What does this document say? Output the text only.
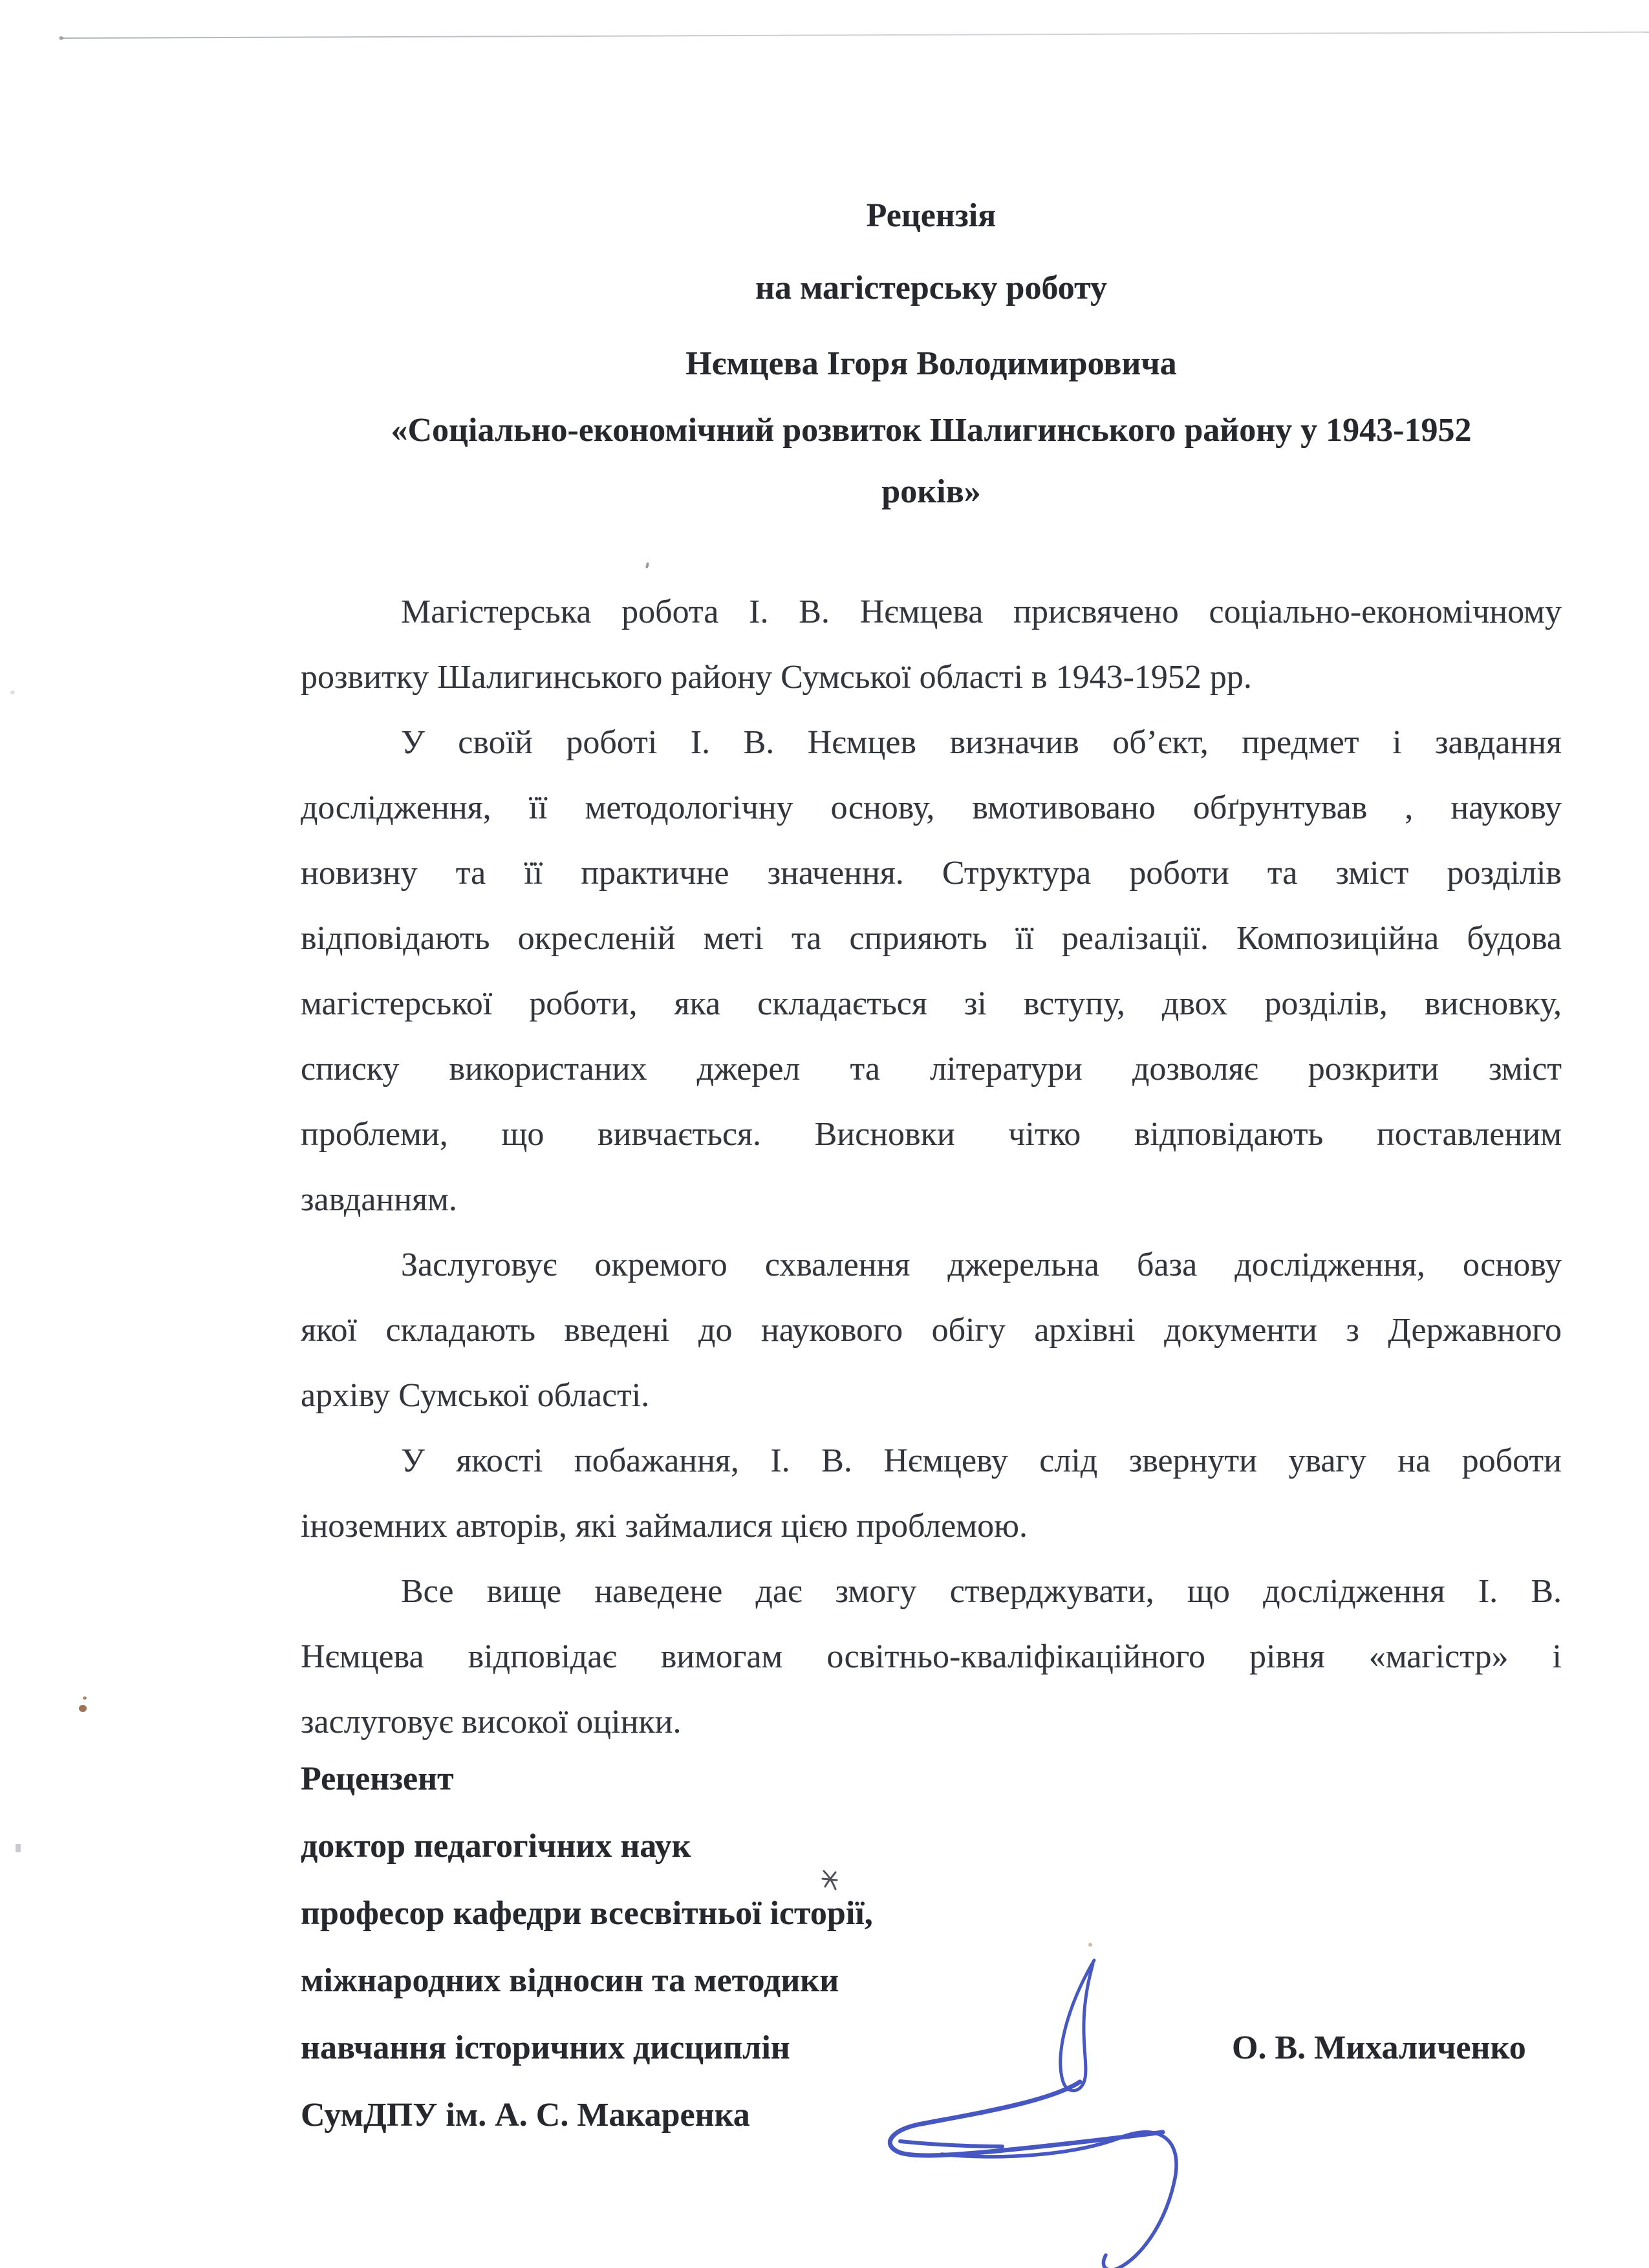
Рецензія
на магістерську роботу
Нємцева Ігоря Володимировича
«Соціально-економічний розвиток Шалигинського району у 1943-1952
років»
Магістерська робота І. В. Нємцева присвячено соціально-економічному
розвитку Шалигинського району Сумської області в 1943-1952 рр.
У своїй роботі І. В. Нємцев визначив об’єкт, предмет і завдання
дослідження, її методологічну основу, вмотивовано обґрунтував , наукову
новизну та її практичне значення. Структура роботи та зміст розділів
відповідають окресленій меті та сприяють її реалізації. Композиційна будова
магістерської роботи, яка складається зі вступу, двох розділів, висновку,
списку використаних джерел та літератури дозволяє розкрити зміст
проблеми, що вивчається. Висновки чітко відповідають поставленим
завданням.
Заслуговує окремого схвалення джерельна база дослідження, основу
якої складають введені до наукового обігу архівні документи з Державного
архіву Сумської області.
У якості побажання, І. В. Нємцеву слід звернути увагу на роботи
іноземних авторів, які займалися цією проблемою.
Все вище наведене дає змогу стверджувати, що дослідження І. В.
Нємцева відповідає вимогам освітньо-кваліфікаційного рівня «магістр» і
заслуговує високої оцінки.
Рецензент
доктор педагогічних наук
професор кафедри всесвітньої історії,
міжнародних відносин та методики
навчання історичних дисциплін
СумДПУ ім. А. С. Макаренка
О. В. Михаличенко
